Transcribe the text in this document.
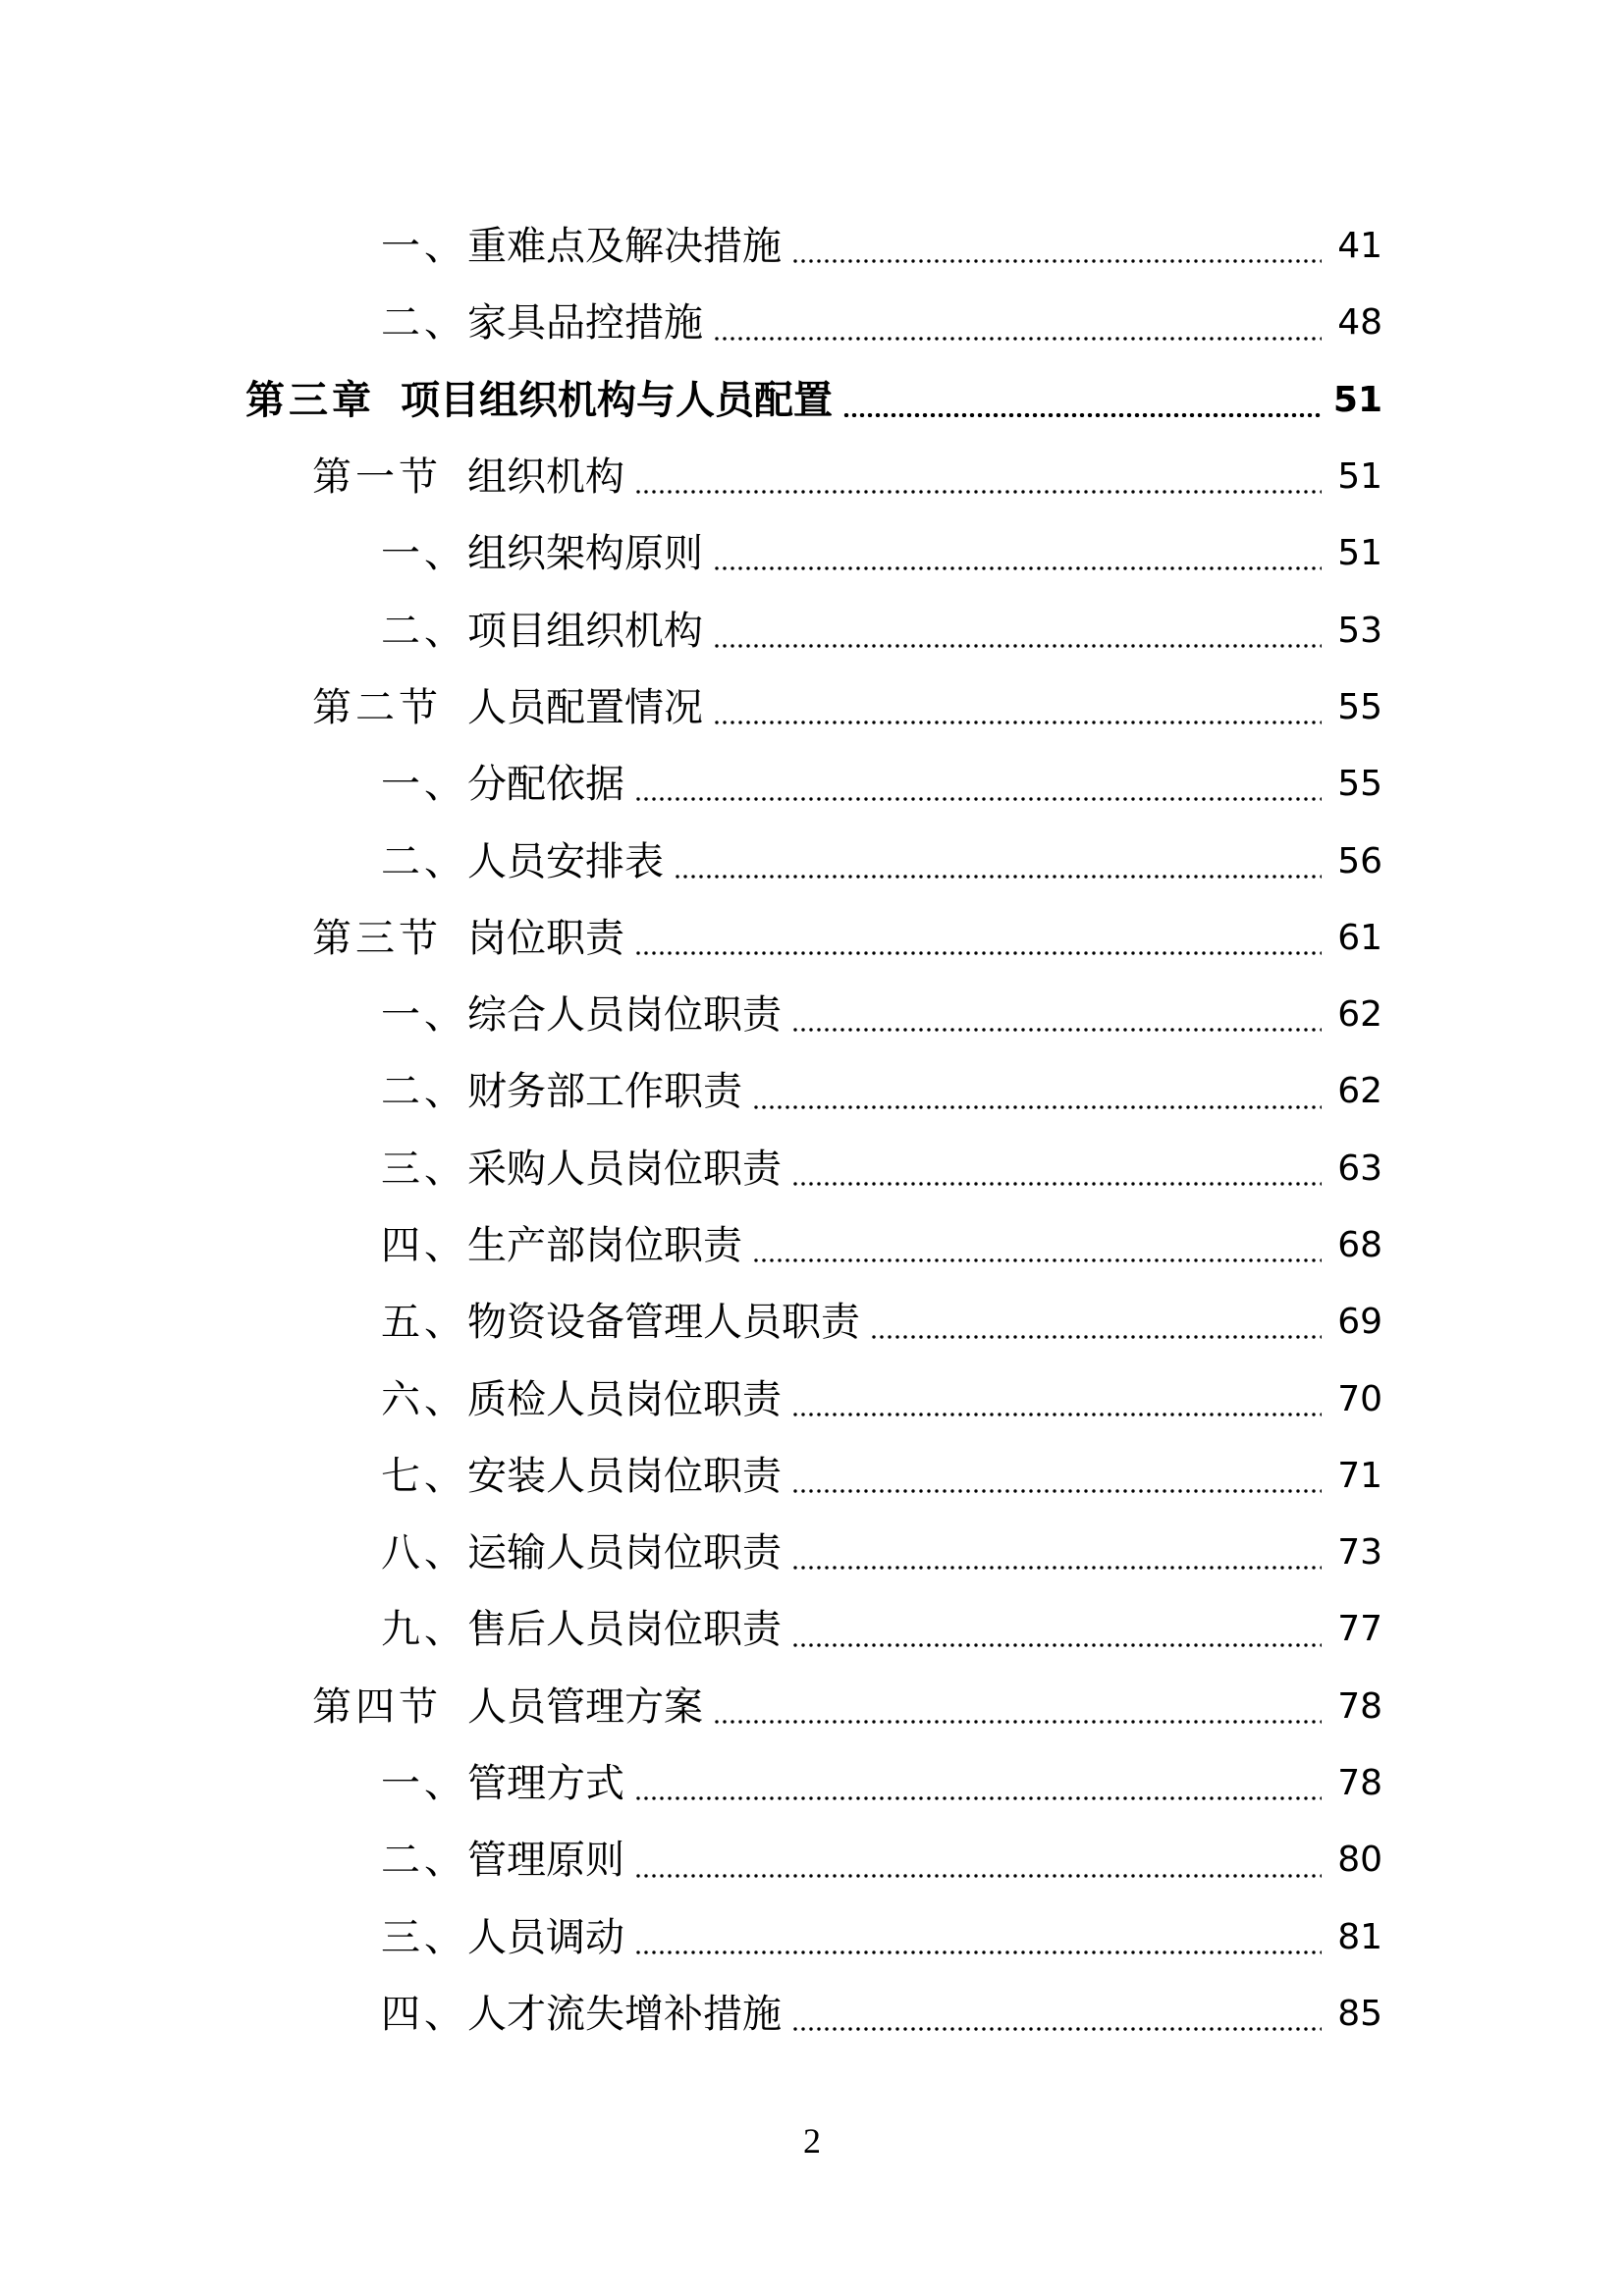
一、重难点及解决措施	41
二、家具品控措施	48
第三章 项目组织机构与人员配置	51
第一节 组织机构	51
一、组织架构原则	51
二、项目组织机构	53
第二节 人员配置情况	55
一、分配依据	55
二、人员安排表	56
第三节 岗位职责	61
一、综合人员岗位职责	62
二、财务部工作职责	62
三、采购人员岗位职责	63
四、生产部岗位职责	68
五、物资设备管理人员职责	69
六、质检人员岗位职责	70
七、安装人员岗位职责	71
八、运输人员岗位职责	73
九、售后人员岗位职责	77
第四节 人员管理方案	78
一、管理方式	78
二、管理原则	80
三、人员调动	81
四、人才流失增补措施	85
2
